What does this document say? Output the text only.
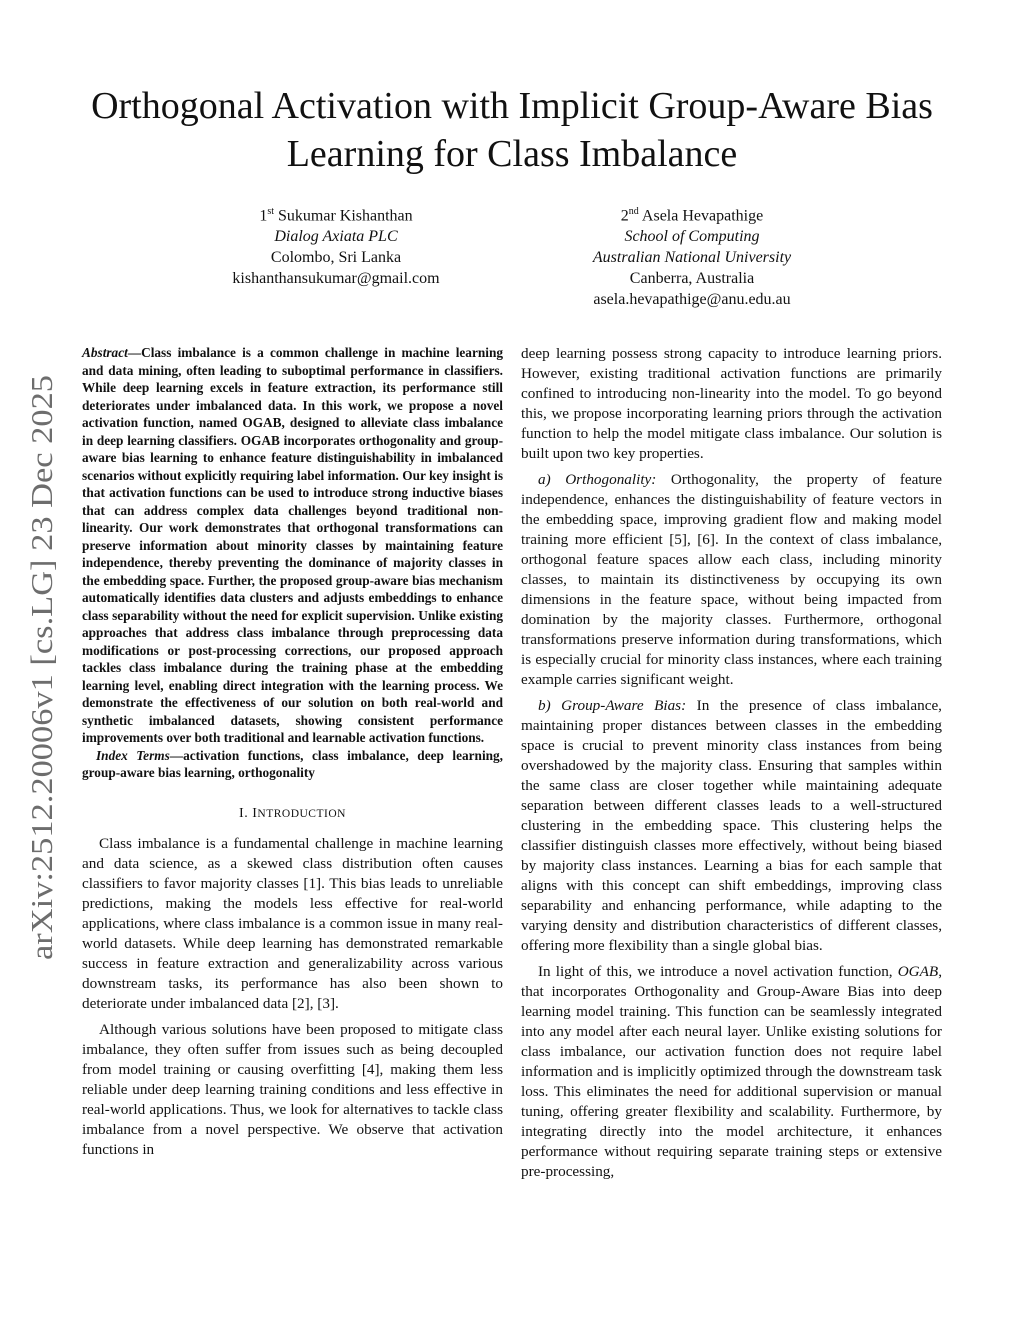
arXiv:2512.20006v1 [cs.LG] 23 Dec 2025
Orthogonal Activation with Implicit Group-Aware Bias Learning for Class Imbalance
1st Sukumar Kishanthan
Dialog Axiata PLC
Colombo, Sri Lanka
kishanthansukumar@gmail.com
2nd Asela Hevapathige
School of Computing
Australian National University
Canberra, Australia
asela.hevapathige@anu.edu.au

Abstract—Class imbalance is a common challenge in machine learning and data mining, often leading to suboptimal performance in classifiers. While deep learning excels in feature extraction, its performance still deteriorates under imbalanced data. In this work, we propose a novel activation function, named OGAB, designed to alleviate class imbalance in deep learning classifiers. OGAB incorporates orthogonality and group-aware bias learning to enhance feature distinguishability in imbalanced scenarios without explicitly requiring label information. Our key insight is that activation functions can be used to introduce strong inductive biases that can address complex data challenges beyond traditional non-linearity. Our work demonstrates that orthogonal transformations can preserve information about minority classes by maintaining feature independence, thereby preventing the dominance of majority classes in the embedding space. Further, the proposed group-aware bias mechanism automatically identifies data clusters and adjusts embeddings to enhance class separability without the need for explicit supervision. Unlike existing approaches that address class imbalance through preprocessing data modifications or post-processing corrections, our proposed approach tackles class imbalance during the training phase at the embedding learning level, enabling direct integration with the learning process. We demonstrate the effectiveness of our solution on both real-world and synthetic imbalanced datasets, showing consistent performance improvements over both traditional and learnable activation functions.

Index Terms—activation functions, class imbalance, deep learning, group-aware bias learning, orthogonality

I. INTRODUCTION

Class imbalance is a fundamental challenge in machine learning and data science, as a skewed class distribution often causes classifiers to favor majority classes [1]. This bias leads to unreliable predictions, making the models less effective for real-world applications, where class imbalance is a common issue in many real-world datasets. While deep learning has demonstrated remarkable success in feature extraction and generalizability across various downstream tasks, its performance has also been shown to deteriorate under imbalanced data [2], [3].

Although various solutions have been proposed to mitigate class imbalance, they often suffer from issues such as being decoupled from model training or causing overfitting [4], making them less reliable under deep learning training conditions and less effective in real-world applications. Thus, we look for alternatives to tackle class imbalance from a novel perspective. We observe that activation functions in

deep learning possess strong capacity to introduce learning priors. However, existing traditional activation functions are primarily confined to introducing non-linearity into the model. To go beyond this, we propose incorporating learning priors through the activation function to help the model mitigate class imbalance. Our solution is built upon two key properties.

a) Orthogonality: Orthogonality, the property of feature independence, enhances the distinguishability of feature vectors in the embedding space, improving gradient flow and making model training more efficient [5], [6]. In the context of class imbalance, orthogonal feature spaces allow each class, including minority classes, to maintain its distinctiveness by occupying its own dimensions in the feature space, without being impacted from domination by the majority classes. Furthermore, orthogonal transformations preserve information during transformations, which is especially crucial for minority class instances, where each training example carries significant weight.

b) Group-Aware Bias: In the presence of class imbalance, maintaining proper distances between classes in the embedding space is crucial to prevent minority class instances from being overshadowed by the majority class. Ensuring that samples within the same class are closer together while maintaining adequate separation between different classes leads to a well-structured clustering in the embedding space. This clustering helps the classifier distinguish classes more effectively, without being biased by majority class instances. Learning a bias for each sample that aligns with this concept can shift embeddings, improving class separability and enhancing performance, while adapting to the varying density and distribution characteristics of different classes, offering more flexibility than a single global bias.

In light of this, we introduce a novel activation function, OGAB, that incorporates Orthogonality and Group-Aware Bias into deep learning model training. This function can be seamlessly integrated into any model after each neural layer. Unlike existing solutions for class imbalance, our activation function does not require label information and is implicitly optimized through the downstream task loss. This eliminates the need for additional supervision or manual tuning, offering greater flexibility and scalability. Furthermore, by integrating directly into the model architecture, it enhances performance without requiring separate training steps or extensive pre-processing,
